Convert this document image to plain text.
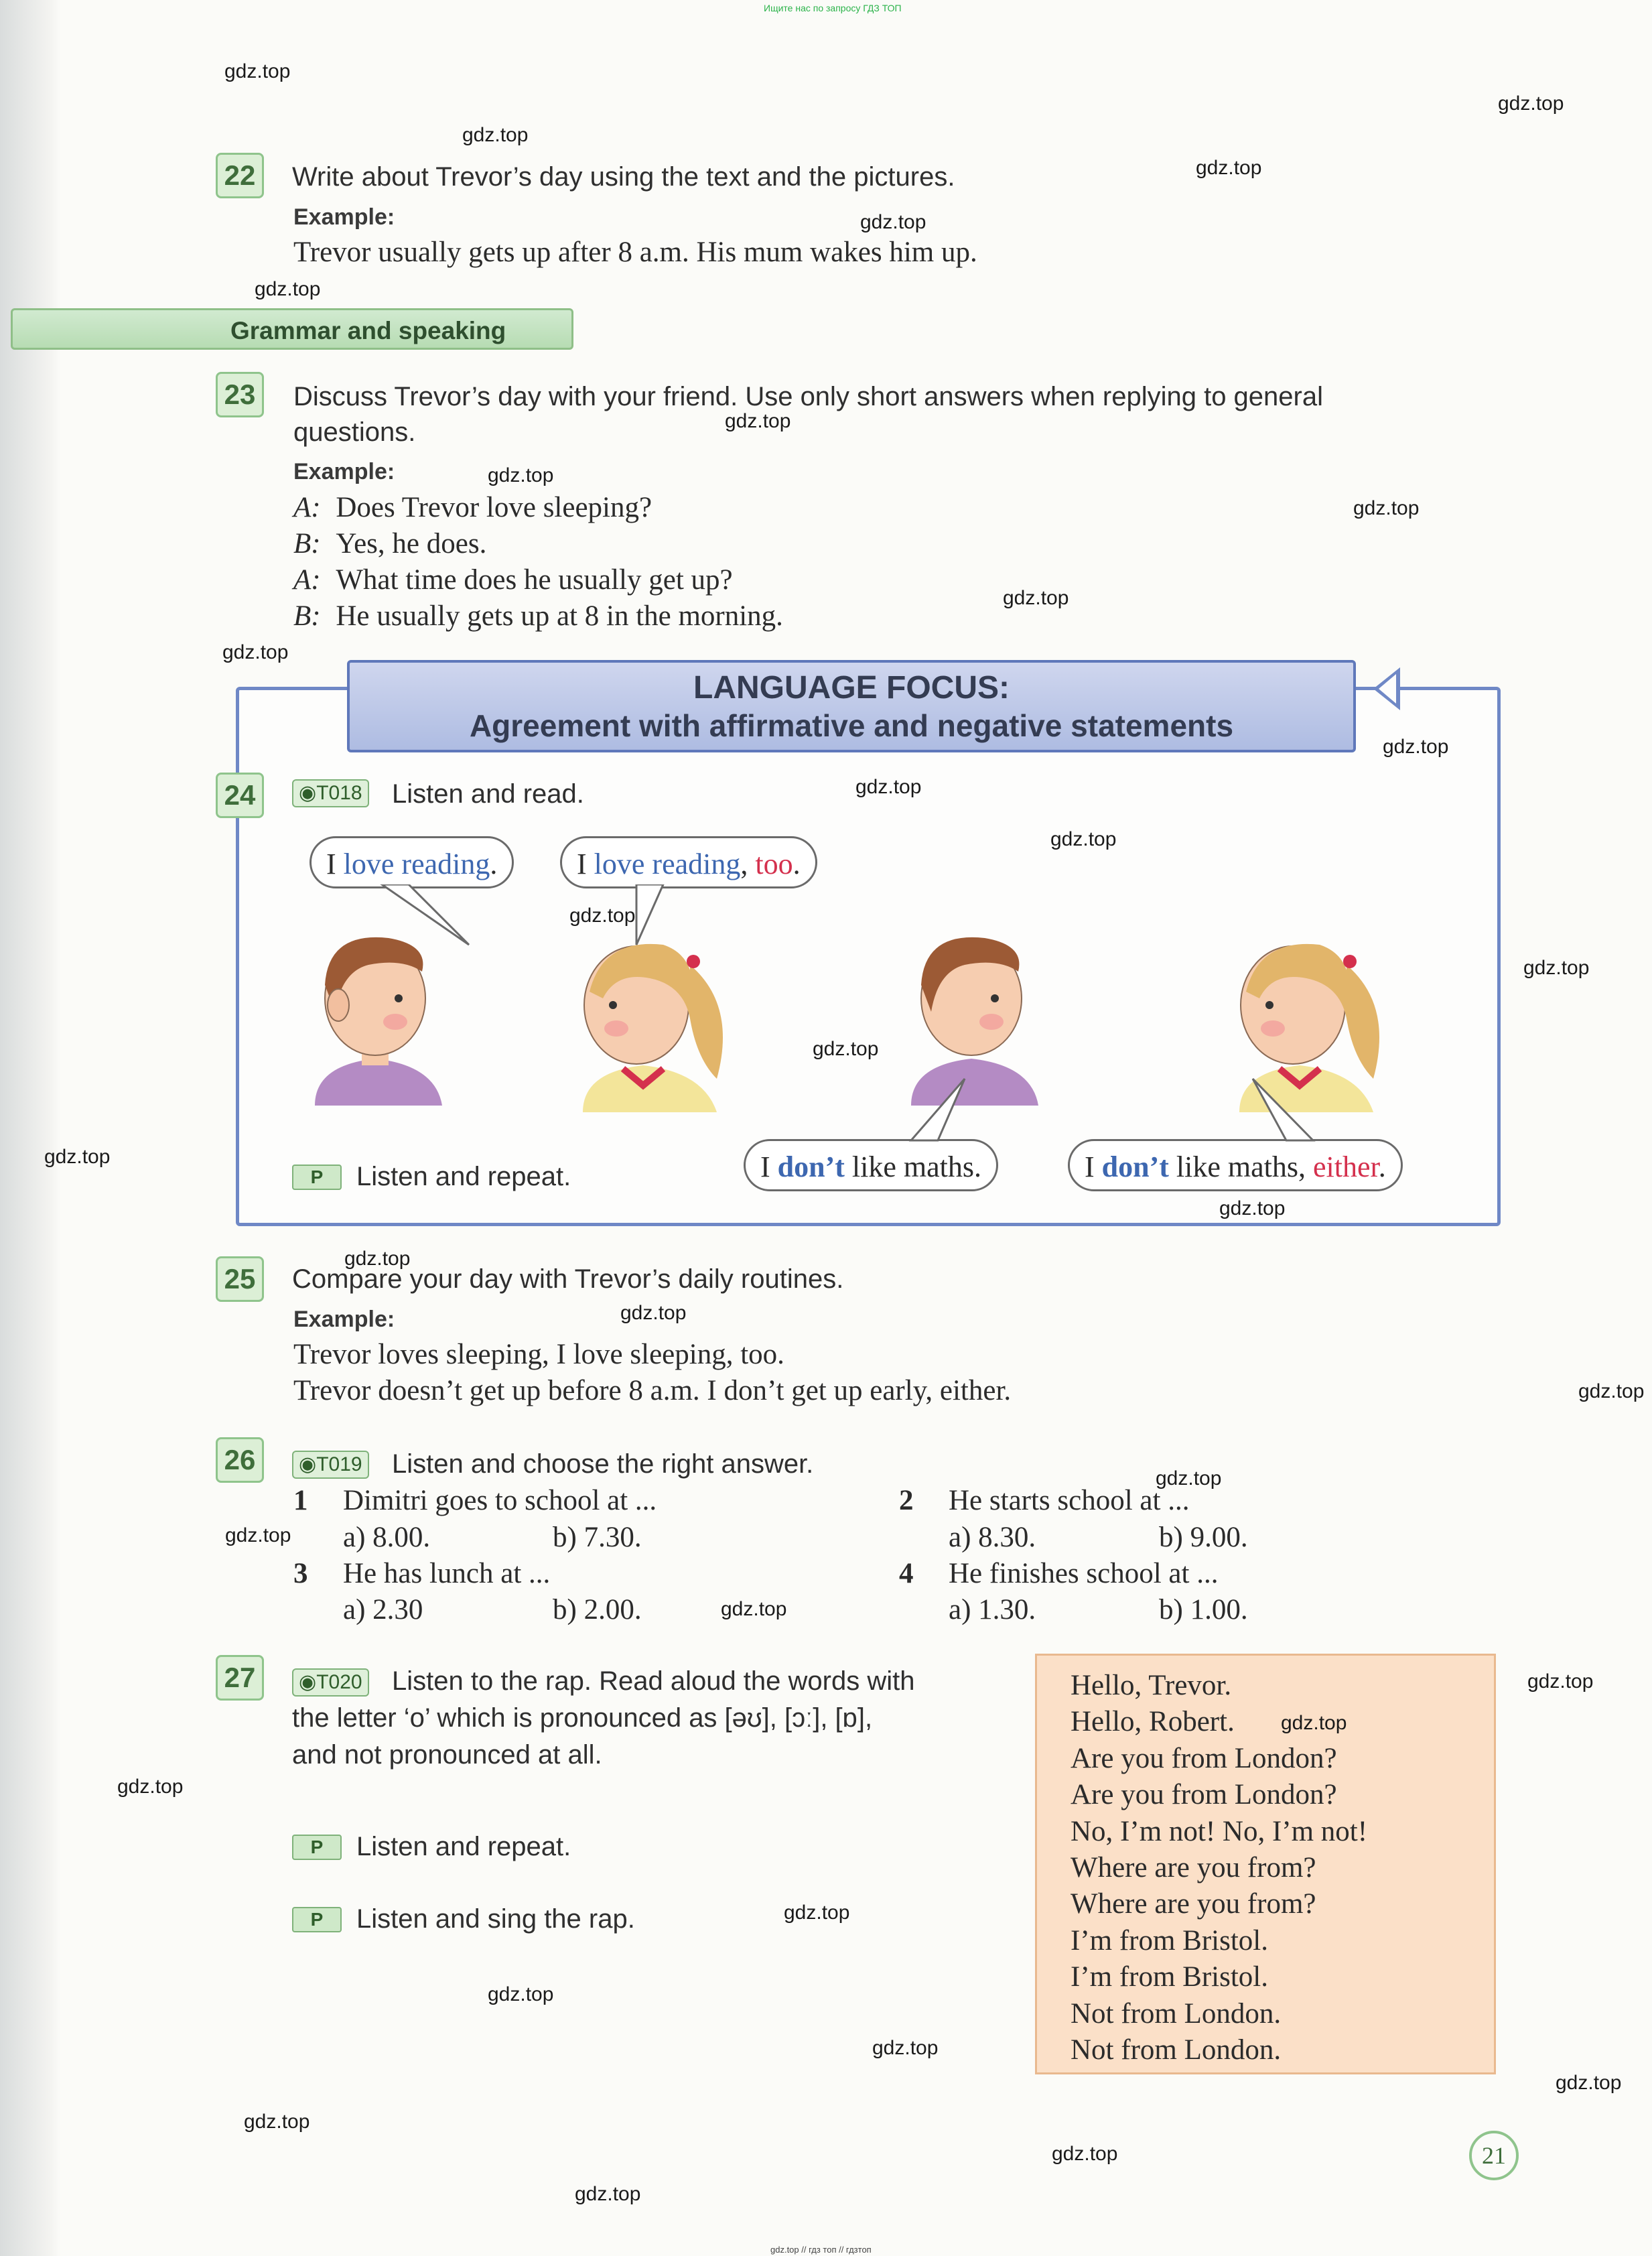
Ищите нас по запросу ГДЗ ТОП
gdz.top // гдз топ // гдзтоп
22	Write about Trevor’s day using the text and the pictures.
Example:
Trevor usually gets up after 8 a.m. His mum wakes him up.
Grammar and speaking
23	Discuss Trevor’s day with your friend. Use only short answers when replying to general
questions.
Example:
A: Does Trevor love sleeping?
B: Yes, he does.
A: What time does he usually get up?
B: He usually gets up at 8 in the morning.
LANGUAGE FOCUS:
Agreement with affirmative and negative statements
24	◉T018 Listen and read.
I love reading.	I love reading, too.
I don’t like maths.	I don’t like maths, either.
P	Listen and repeat.
25	Compare your day with Trevor’s daily routines.
Example:
Trevor loves sleeping, I love sleeping, too.
Trevor doesn’t get up before 8 a.m. I don’t get up early, either.
26	◉T019 Listen and choose the right answer.
1 Dimitri goes to school at ...
a) 8.00.	b) 7.30.
2 He starts school at ...
a) 8.30.	b) 9.00.
3 He has lunch at ...
a) 2.30	b) 2.00.
4 He finishes school at ...
a) 1.30.	b) 1.00.
27	◉T020 Listen to the rap. Read aloud the words with
the letter ‘o’ which is pronounced as [əʊ], [ɔː], [ɒ],
and not pronounced at all.
P	Listen and repeat.
P	Listen and sing the rap.
Hello, Trevor.
Hello, Robert.
Are you from London?
Are you from London?
No, I’m not! No, I’m not!
Where are you from?
Where are you from?
I’m from Bristol.
I’m from Bristol.
Not from London.
Not from London.
21
gdz.top
gdz.top
gdz.top
gdz.top
gdz.top
gdz.top
gdz.top
gdz.top
gdz.top
gdz.top
gdz.top
gdz.top
gdz.top
gdz.top
gdz.top
gdz.top
gdz.top
gdz.top
gdz.top
gdz.top
gdz.top
gdz.top
gdz.top
gdz.top
gdz.top
gdz.top
gdz.top
gdz.top
gdz.top
gdz.top
gdz.top
gdz.top
gdz.top
gdz.top
gdz.top
